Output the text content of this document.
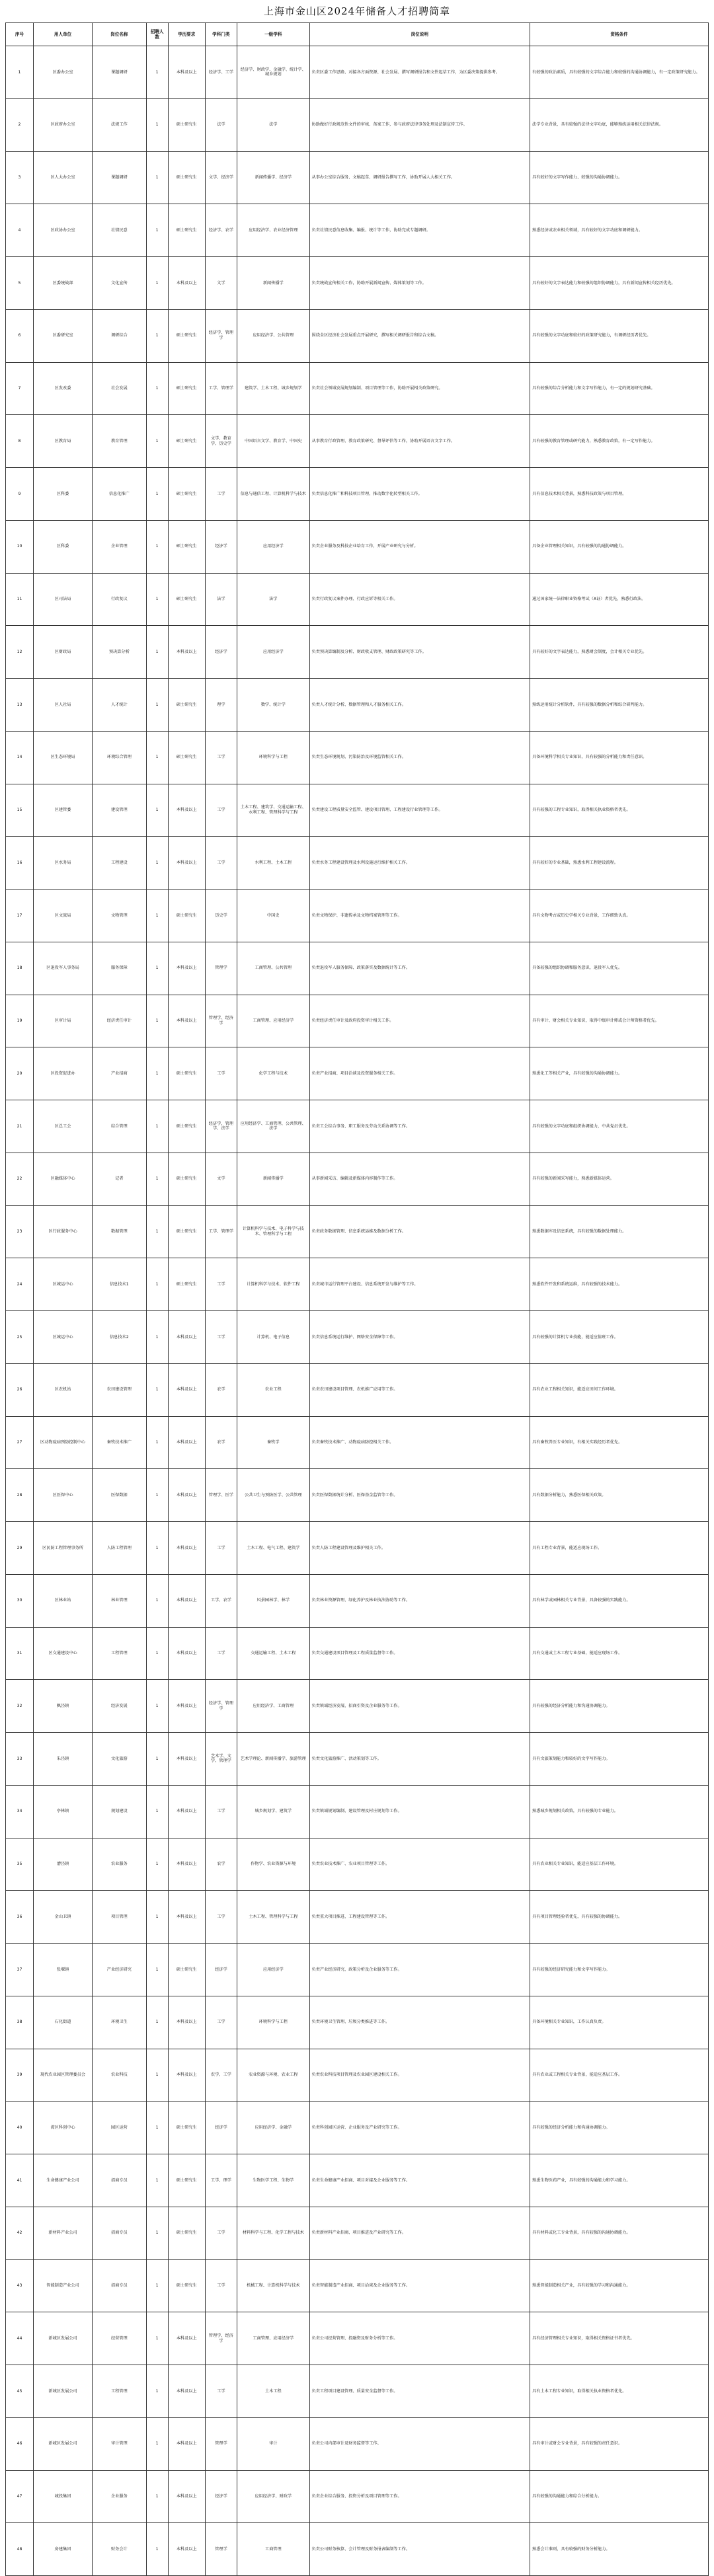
上海市金山区2024年储备人才招聘简章
序号	用人单位	岗位名称	招聘人数	学历要求	学科门类	一级学科	岗位说明	资格条件
1	区委办公室	课题调研	1	本科及以上	经济学、工学	经济学、财政学、金融学、统计学、城乡规划	负责区委工作思路、对接各方面资源、社会发展、撰写调研报告和文件起草工作，为区委决策提供参考。	有较强的政治素质，具有较强的文字综合能力和较强的沟通协调能力，有一定政策研究能力。
2	区政府办公室	法规工作	1	硕士研究生	法学	法学	协助做好行政规范性文件的审核、备案工作，参与政府法律事务处理及法制宣传工作。	法学专业背景，具有较强的法律文字功底，能够熟练运用相关法律法规。
3	区人大办公室	课题调研	1	硕士研究生	文学、经济学	新闻传播学、经济学	从事办公室综合服务、文稿起草、调研报告撰写工作，协助开展人大相关工作。	具有较好的文字写作能力、较强的沟通协调能力。
4	区政协办公室	社情民意	1	硕士研究生	经济学、农学	应用经济学、农业经济管理	负责社情民意信息收集、编报、统计等工作，协助完成专题调研。	熟悉经济或农业相关领域，具有较好的文字功底和调研能力。
5	区委统战部	文化宣传	1	本科及以上	文学	新闻传播学	负责统战宣传相关工作，协助开展新闻宣传、媒体策划等工作。	具有较好的文字表达能力和较强的组织协调能力，具有新闻宣传相关经历优先。
6	区委研究室	调研综合	1	硕士研究生	经济学、管理学	应用经济学、公共管理	围绕全区经济社会发展重点开展研究，撰写相关调研报告和综合文稿。	具有较强的文字功底和较好的政策研究能力，有调研经历者优先。
7	区发改委	社会发展	1	硕士研究生	工学、管理学	建筑学、土木工程、城乡规划学	负责社会领域发展规划编制、项目管理等工作，协助开展相关政策研究。	具有较强的综合分析能力和文字写作能力，有一定的规划研究基础。
8	区教育局	教育管理	1	硕士研究生	文学、教育学、历史学	中国语言文学、教育学、中国史	从事教育行政管理、教育政策研究、督导评估等工作，协助开展语言文字工作。	具有较强的教育管理或研究能力，熟悉教育政策，有一定写作能力。
9	区科委	信息化推广	1	硕士研究生	工学	信息与通信工程、计算机科学与技术	负责信息化推广和科技项目管理，推动数字化转型相关工作。	具有信息技术相关背景，熟悉科技政策与项目管理。
10	区科委	企业管理	1	硕士研究生	经济学	应用经济学	负责企业服务及科技企业培育工作，开展产业研究与分析。	具备企业管理相关知识，具有较强的沟通协调能力。
11	区司法局	行政复议	1	硕士研究生	法学	法学	负责行政复议案件办理、行政应诉等相关工作。	通过国家统一法律职业资格考试（A证）者优先，熟悉行政法。
12	区财政局	预决算分析	1	本科及以上	经济学	应用经济学	负责预决算编制及分析、财政收支管理、财政政策研究等工作。	具有较好的文字表达能力，熟悉财会制度，会计相关专业优先。
13	区人社局	人才统计	1	硕士研究生	理学	数学、统计学	负责人才统计分析、数据管理和人才服务相关工作。	熟练运用统计分析软件，具有较强的数据分析和综合研判能力。
14	区生态环境局	环境综合管理	1	硕士研究生	工学	环境科学与工程	负责生态环境规划、污染防治及环境监管相关工作。	具备环境科学相关专业知识，具有较强的分析能力和责任意识。
15	区建管委	建设管理	1	本科及以上	工学	土木工程、建筑学、交通运输工程、水利工程、管理科学与工程	负责建设工程质量安全监管、建设项目管理、工程建设行业管理等工作。	具有较强的工程专业知识，取得相关执业资格者优先。
16	区水务局	工程建设	1	本科及以上	工学	水利工程、土木工程	负责水务工程建设管理及水利设施运行维护相关工作。	具有较好的专业基础，熟悉水利工程建设流程。
17	区文旅局	文物管理	1	硕士研究生	历史学	中国史	负责文物保护、非遗传承及文物档案管理等工作。	具有文物考古或历史学相关专业背景，工作细致认真。
18	区退役军人事务局	服务保障	1	本科及以上	管理学	工商管理、公共管理	负责退役军人服务保障、政策落实及数据统计等工作。	具备较强的组织协调和服务意识，退役军人优先。
19	区审计局	经济责任审计	1	本科及以上	管理学、经济学	工商管理、应用经济学	负责经济责任审计及政府投资审计相关工作。	具有审计、财会相关专业知识，取得中级审计师或会计师资格者优先。
20	区投资促进办	产业招商	1	硕士研究生	工学	化学工程与技术	负责产业招商、项目洽谈及投资服务相关工作。	熟悉化工等相关产业，具有较强的沟通协调能力。
21	区总工会	综合管理	1	硕士研究生	经济学、管理学、法学	应用经济学、工商管理、公共管理、法学	负责工会综合事务、职工服务及劳动关系协调等工作。	具有较强的文字功底和组织协调能力，中共党员优先。
22	区融媒体中心	记者	1	硕士研究生	文学	新闻传播学	从事新闻采访、编辑及新媒体内容制作等工作。	具有较强的新闻采写能力，熟悉新媒体运营。
23	区行政服务中心	数据管理	1	硕士研究生	工学、管理学	计算机科学与技术、电子科学与技术、管理科学与工程	负责政务数据管理、信息系统运维及数据分析工作。	熟悉数据库及信息系统，具有较强的数据处理能力。
24	区城运中心	信息技术1	1	硕士研究生	工学	计算机科学与技术、软件工程	负责城市运行管理平台建设、信息系统开发与维护等工作。	熟悉软件开发和系统运维，具有较强的技术能力。
25	区城运中心	信息技术2	1	本科及以上	工学	计算机、电子信息	负责信息系统运行维护、网络安全保障等工作。	具有较强的计算机专业技能，能适应值班工作。
26	区农机站	农田建设管理	1	本科及以上	农学	农业工程	负责农田建设项目管理、农机推广应用等工作。	具有农业工程相关知识，能适应田间工作环境。
27	区动物疫病预防控制中心	畜牧技术推广	1	本科及以上	农学	畜牧学	负责畜牧技术推广、动物疫病防控相关工作。	具有畜牧兽医专业知识，有相关实践经历者优先。
28	区医保中心	医保数据	1	本科及以上	管理学、医学	公共卫生与预防医学、公共管理	负责医保数据统计分析、医保基金监管等工作。	具有数据分析能力，熟悉医保相关政策。
29	区民防工程管理事务所	人防工程管理	1	本科及以上	工学	土木工程、电气工程、建筑学	负责人防工程建设管理及维护相关工作。	具有工程专业背景，能适应现场工作。
30	区林业站	林业管理	1	本科及以上	工学、农学	风景园林学、林学	负责林业资源管理、绿化养护及林业执法协助等工作。	具有林学或园林相关专业背景，具备较强的实践能力。
31	区交通建设中心	工程管理	1	本科及以上	工学	交通运输工程、土木工程	负责交通建设项目管理及工程质量监督等工作。	具有交通或土木工程专业基础，能适应现场工作。
32	枫泾镇	经济发展	1	本科及以上	经济学、管理学	应用经济学、工商管理	负责镇域经济发展、招商引资及企业服务等工作。	具有较强的经济分析能力和沟通协调能力。
33	朱泾镇	文化旅游	1	本科及以上	艺术学、文学、管理学	艺术学理论、新闻传播学、旅游管理	负责文化旅游推广、活动策划等工作。	具有文旅策划能力和较好的文字写作能力。
34	亭林镇	规划建设	1	本科及以上	工学	城乡规划学、建筑学	负责镇域规划编制、建设管理及村庄规划等工作。	熟悉城乡规划相关政策，具有较强的专业能力。
35	漕泾镇	农业服务	1	本科及以上	农学	作物学、农业资源与环境	负责农业技术推广、农业项目管理等工作。	具有农业相关专业知识，能适应基层工作环境。
36	金山卫镇	项目管理	1	本科及以上	工学	土木工程、管理科学与工程	负责重大项目推进、工程建设管理等工作。	具有项目管理经验者优先，具有较强的协调能力。
37	张堰镇	产业经济研究	1	硕士研究生	经济学	应用经济学	负责产业经济研究、政策分析及企业服务等工作。	具有较强的经济研究能力和文字写作能力。
38	石化街道	环境卫生	1	本科及以上	工学	环境科学与工程	负责环境卫生管理、垃圾分类推进等工作。	具备环境相关专业知识，工作认真负责。
39	现代农业园区管理委员会	农业科技	1	本科及以上	农学、工学	农业资源与环境、农业工程	负责农业科技项目管理及农业园区建设相关工作。	具有农业或工程相关专业背景，能适应基层工作。
40	湾区科创中心	园区运营	1	硕士研究生	经济学	应用经济学、金融学	负责科创园区运营、企业服务及产业研究等工作。	具有较强的经济分析能力和沟通协调能力。
41	生命健康产业公司	招商专员	1	硕士研究生	工学、理学	生物医学工程、生物学	负责生命健康产业招商、项目对接及企业服务等工作。	熟悉生物医药产业，具有较强的沟通能力和学习能力。
42	新材料产业公司	招商专员	1	硕士研究生	工学	材料科学与工程、化学工程与技术	负责新材料产业招商、项目推进及产业研究等工作。	具有材料或化工专业背景，具有较强的沟通协调能力。
43	智能制造产业公司	招商专员	1	硕士研究生	工学	机械工程、计算机科学与技术	负责智能制造产业招商、项目洽谈及企业服务等工作。	熟悉智能制造相关产业，具有较强的学习和沟通能力。
44	新城区发展公司	经营管理	1	本科及以上	管理学、经济学	工商管理、应用经济学	负责公司经营管理、投融资及财务分析等工作。	具有经济管理相关专业知识，取得相关资格证书者优先。
45	新城区发展公司	工程管理	1	本科及以上	工学	土木工程	负责工程项目建设管理、质量安全监督等工作。	具有土木工程专业知识，取得相关执业资格者优先。
46	新城区发展公司	审计管理	1	本科及以上	管理学	审计	负责公司内部审计及财务监督等工作。	具有审计或财会专业背景，具有较强的责任意识。
47	城投集团	企业服务	1	本科及以上	经济学	应用经济学、财政学	负责企业综合服务、投资分析及项目管理等工作。	具有较强的沟通能力和综合分析能力。
48	房建集团	财务会计	1	本科及以上	管理学	工商管理	负责公司财务核算、会计管理及财务报表编制等工作。	熟悉会计准则，具有较强的财务分析能力。
